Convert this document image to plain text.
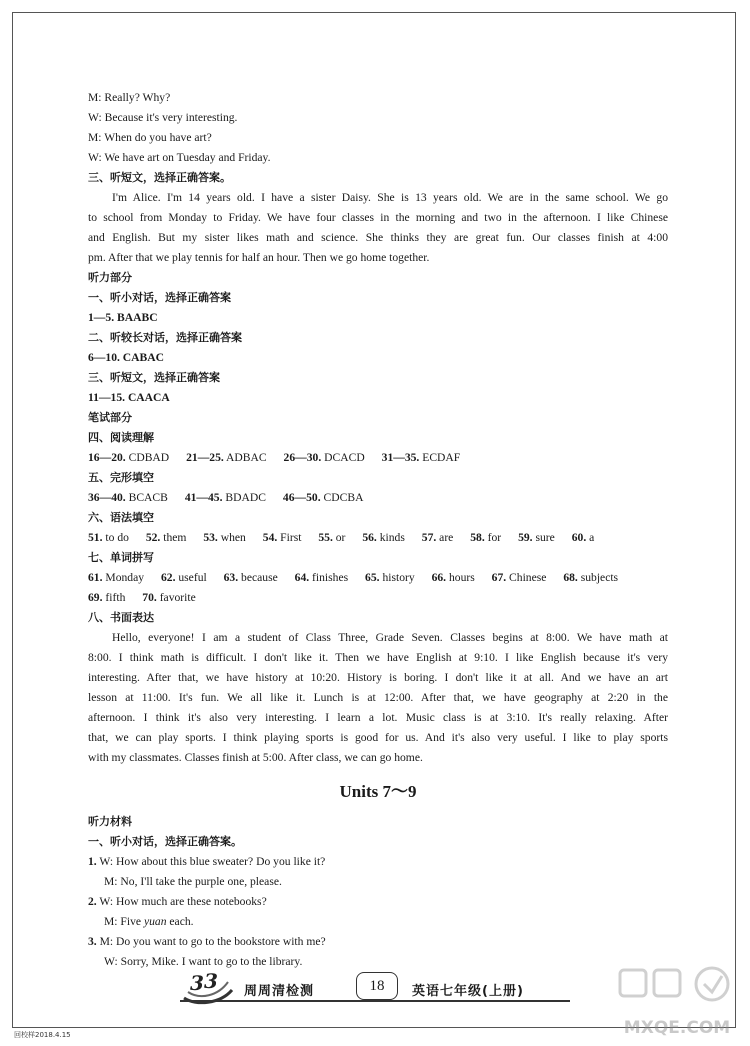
M: Really? Why?
W: Because it's very interesting.
M: When do you have art?
W: We have art on Tuesday and Friday.
三、听短文，选择正确答案。
I'm Alice. I'm 14 years old. I have a sister Daisy. She is 13 years old. We are in the same school. We go
to school from Monday to Friday. We have four classes in the morning and two in the afternoon. I like Chinese
and English. But my sister likes math and science. She thinks they are great fun. Our classes finish at 4:00
pm. After that we play tennis for half an hour. Then we go home together.
听力部分
一、听小对话，选择正确答案
1—5. BAABC
二、听较长对话，选择正确答案
6—10. CABAC
三、听短文，选择正确答案
11—15. CAACA
笔试部分
四、阅读理解
16—20. CDBAD 21—25. ADBAC 26—30. DCACD 31—35. ECDAF
五、完形填空
36—40. BCACB 41—45. BDADC 46—50. CDCBA
六、语法填空
51. to do 52. them 53. when 54. First 55. or 56. kinds 57. are 58. for 59. sure 60. a
七、单词拼写
61. Monday 62. useful 63. because 64. finishes 65. history 66. hours 67. Chinese 68. subjects
69. fifth 70. favorite
八、书面表达
Hello, everyone! I am a student of Class Three, Grade Seven. Classes begins at 8:00. We have math at
8:00. I think math is difficult. I don't like it. Then we have English at 9:10. I like English because it's very
interesting. After that, we have history at 10:20. History is boring. I don't like it at all. And we have an art
lesson at 11:00. It's fun. We all like it. Lunch is at 12:00. After that, we have geography at 2:20 in the
afternoon. I think it's also very interesting. I learn a lot. Music class is at 3:10. It's really relaxing. After
that, we can play sports. I think playing sports is good for us. And it's also very useful. I like to play sports
with my classmates. Classes finish at 5:00. After class, we can go home.
Units 7～9
听力材料
一、听小对话，选择正确答案。
1. W: How about this blue sweater? Do you like it?
M: No, I'll take the purple one, please.
2. W: How much are these notebooks?
M: Five yuan each.
3. M: Do you want to go to the bookstore with me?
W: Sorry, Mike. I want to go to the library.
3 3 周周清检测	18	英语七年级(上册)
回校样2018.4.15	MXQE.COM
